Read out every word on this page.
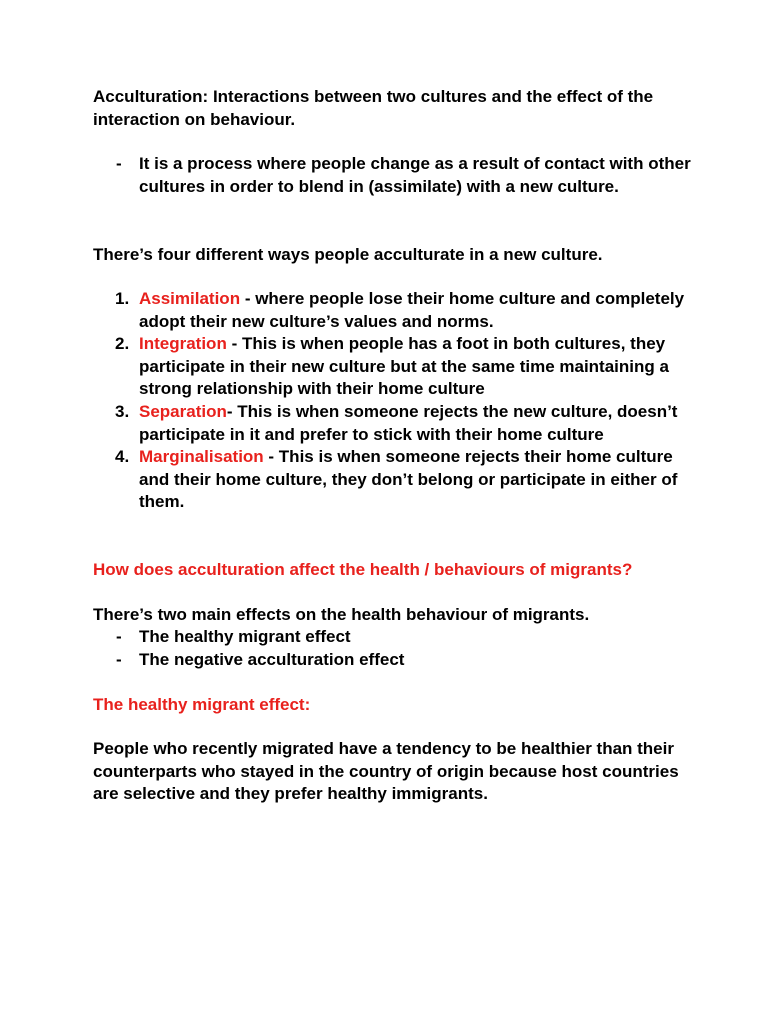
Acculturation: Interactions between two cultures and the effect of the interaction on behaviour.

-	It is a process where people change as a result of contact with other cultures in order to blend in (assimilate) with a new culture.

There’s four different ways people acculturate in a new culture.

1. Assimilation - where people lose their home culture and completely adopt their new culture’s values and norms.
2. Integration - This is when people has a foot in both cultures, they participate in their new culture but at the same time maintaining a strong relationship with their home culture
3. Separation- This is when someone rejects the new culture, doesn’t participate in it and prefer to stick with their home culture
4. Marginalisation - This is when someone rejects their home culture and their home culture, they don’t belong or participate in either of them.

How does acculturation affect the health / behaviours of migrants?

There’s two main effects on the health behaviour of migrants.

-	The healthy migrant effect
-	The negative acculturation effect

The healthy migrant effect:

People who recently migrated have a tendency to be healthier than their counterparts who stayed in the country of origin because host countries are selective and they prefer healthy immigrants.
